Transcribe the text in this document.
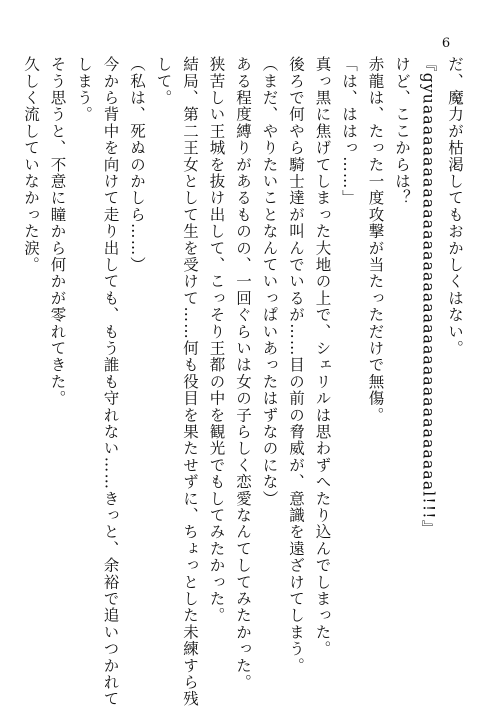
6
だ、魔力が枯渇してもおかしくはない。
『gyuaaaaaaaaaaaaaaaaaaaaaaaaaaaaaaaaaaaaal!!!』
けど、ここからは？
赤龍は、たった一度攻撃が当たっただけで無傷。
「は、ははっ……」
真っ黒に焦げてしまった大地の上で、シェリルは思わずへたり込んでしまった。
後ろで何やら騎士達が叫んでいるが……目の前の脅威が、意識を遠ざけてしまう。
（まだ、やりたいことなんていっぱいあったはずなのにな）
ある程度縛りがあるものの、一回ぐらいは女の子らしく恋愛なんてしてみたかった。
狭苦しい王城を抜け出して、こっそり王都の中を観光でもしてみたかった。
結局、第二王女として生を受けて……何も役目を果たせずに、ちょっとした未練すら残
して。
（私は、死ぬのかしら……）
今から背中を向けて走り出しても、もう誰も守れない……きっと、余裕で追いつかれて
しまう。
そう思うと、不意に瞳から何かが零れてきた。
久しく流していなかった涙。
